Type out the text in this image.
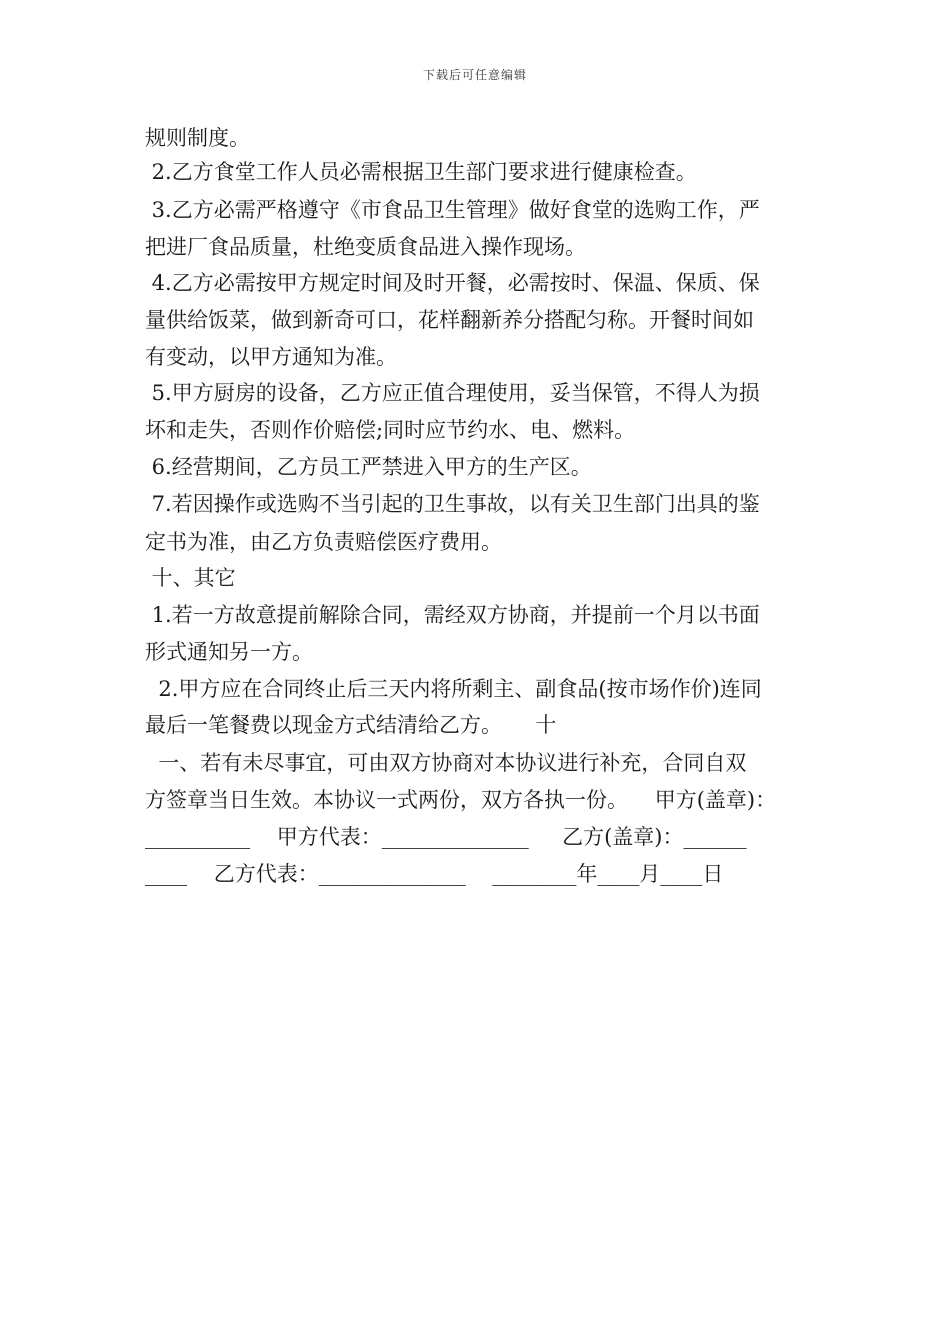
下载后可任意编辑
规则制度。
2.乙方食堂工作人员必需根据卫生部门要求进行健康检查。
3.乙方必需严格遵守《市食品卫生管理》做好食堂的选购工作，严
把进厂食品质量，杜绝变质食品进入操作现场。
4.乙方必需按甲方规定时间及时开餐，必需按时、保温、保质、保
量供给饭菜，做到新奇可口，花样翻新养分搭配匀称。开餐时间如
有变动，以甲方通知为准。
5.甲方厨房的设备，乙方应正值合理使用，妥当保管，不得人为损
坏和走失，否则作价赔偿;同时应节约水、电、燃料。
6.经营期间，乙方员工严禁进入甲方的生产区。
7.若因操作或选购不当引起的卫生事故，以有关卫生部门出具的鉴
定书为准，由乙方负责赔偿医疗费用。
十、其它
1.若一方故意提前解除合同，需经双方协商，并提前一个月以书面
形式通知另一方。
2.甲方应在合同终止后三天内将所剩主、副食品(按市场作价)连同
最后一笔餐费以现金方式结清给乙方。     十
一、若有未尽事宜，可由双方协商对本协议进行补充，合同自双
方签章当日生效。本协议一式两份，双方各执一份。    甲方(盖章)：
__________    甲方代表：______________     乙方(盖章)：______
____    乙方代表：______________    ________年____月____日
